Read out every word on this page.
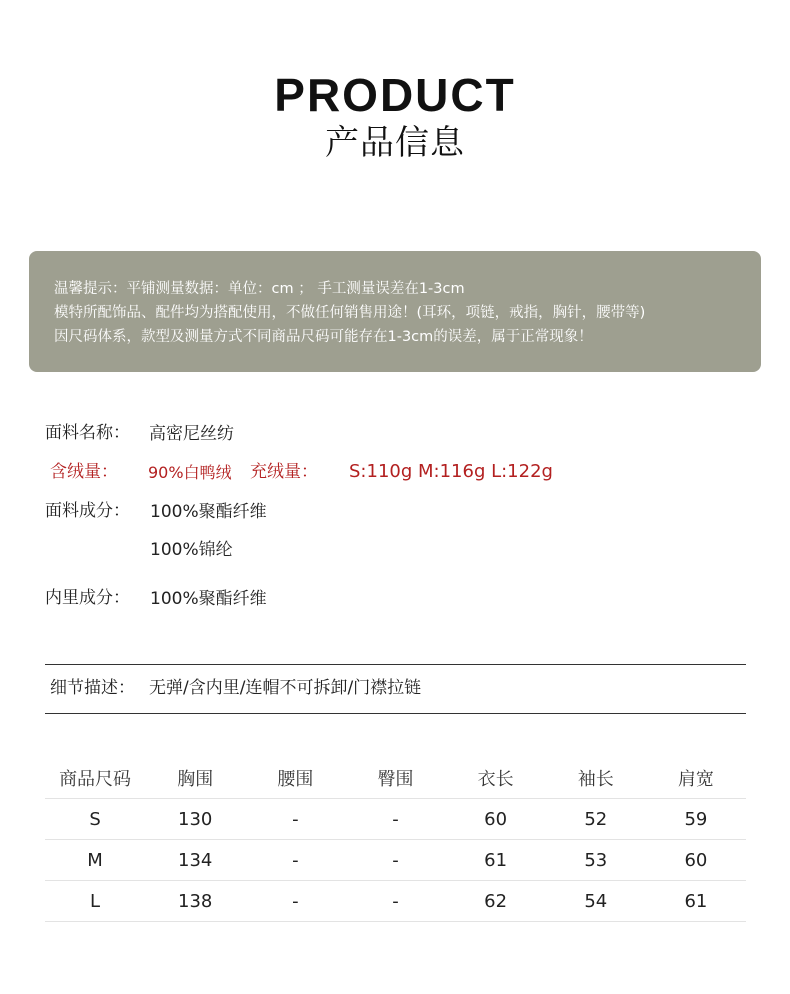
PRODUCT
产品信息
温馨提示：平铺测量数据：单位：cm ； 手工测量误差在1-3cm
模特所配饰品、配件均为搭配使用，不做任何销售用途！(耳环，项链，戒指，胸针，腰带等)
因尺码体系，款型及测量方式不同商品尺码可能存在1-3cm的误差，属于正常现象！
面料名称： 高密尼丝纺
含绒量： 90%白鸭绒 充绒量： S:110g M:116g L:122g
面料成分： 100%聚酯纤维
100%锦纶
内里成分： 100%聚酯纤维
细节描述： 无弹/含内里/连帽不可拆卸/门襟拉链
商品尺码	胸围	腰围	臀围	衣长	袖长	肩宽
S	130	-	-	60	52	59
M	134	-	-	61	53	60
L	138	-	-	62	54	61
